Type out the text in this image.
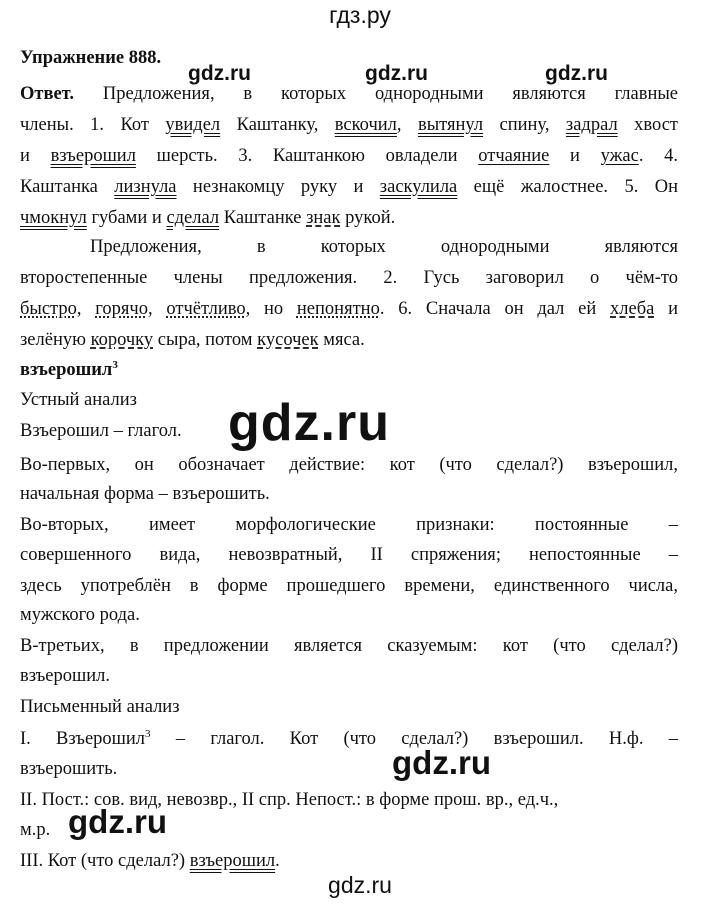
гдз.ру
Упражнение 888.
gdz.ru	gdz.ru	gdz.ru
Ответ. Предложения, в которых однородными являются главные
члены. 1. Кот увидел Каштанку, вскочил, вытянул спину, задрал хвост
и взъерошил шерсть. 3. Каштанкою овладели отчаяние и ужас. 4.
Каштанка лизнула незнакомцу руку и заскулила ещё жалостнее. 5. Он
чмокнул губами и сделал Каштанке знак рукой.
Предложения, в которых однородными являются
второстепенные члены предложения. 2. Гусь заговорил о чём-то
быстро, горячо, отчётливо, но непонятно. 6. Сначала он дал ей хлеба и
зелёную корочку сыра, потом кусочек мяса.
взъерошил$^3$
Устный анализ gdz.ru
Взъерошил – глагол.
Во-первых, он обозначает действие: кот (что сделал?) взъерошил,
начальная форма – взъерошить.
Во-вторых, имеет морфологические признаки: постоянные –
совершенного вида, невозвратный, II спряжения; непостоянные –
здесь употреблён в форме прошедшего времени, единственного числа,
мужского рода.
В-третьих, в предложении является сказуемым: кот (что сделал?)
взъерошил.
Письменный анализ
I. Взъерошил$^3$ – глагол. Кот (что сделал?) взъерошил. Н.ф. –
взъерошить.	gdz.ru
II. Пост.: сов. вид, невозвр., II спр. Непост.: в форме прош. вр., ед.ч.,
м.р. gdz.ru
III. Кот (что сделал?) взъерошил.
gdz.ru
